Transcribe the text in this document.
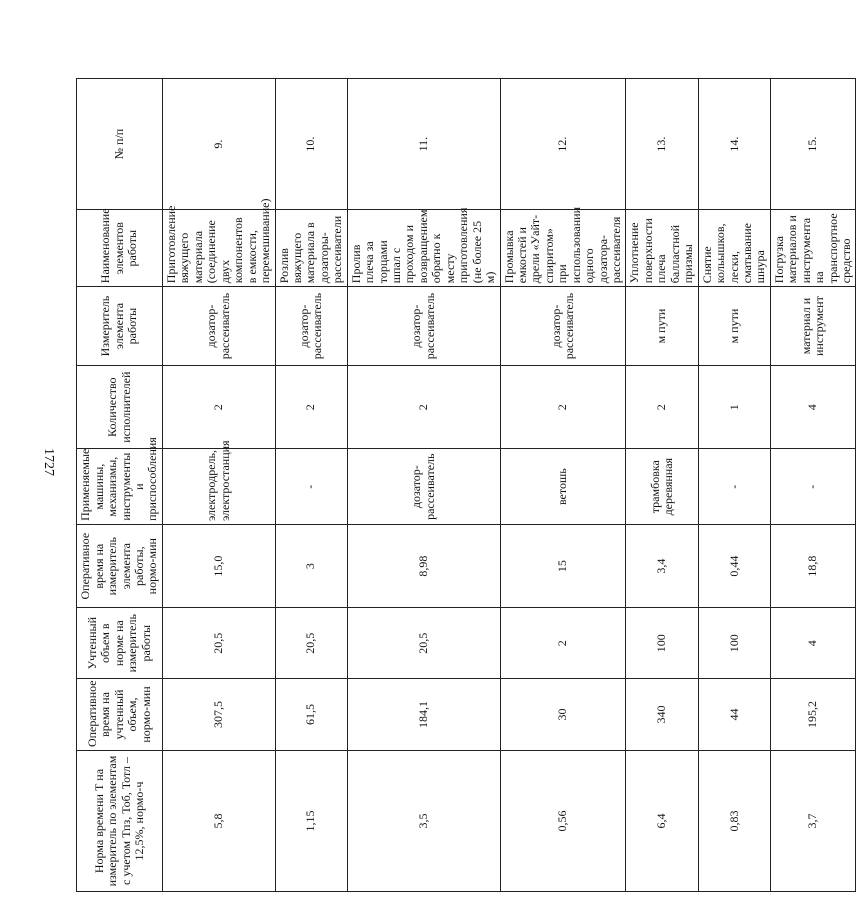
1727
Норма времени Т на измеритель по элементам с учетом Тпз, Тоб, Тотл – 12,5%, нормо-ч	Оперативное время на учтенный объем, нормо-мин	Учтенный объем в норме на измеритель работы	Оперативное время на измеритель элемента работы, нормо-мин	Применяемые машины, механизмы, инструменты и приспособления	Количество исполнителей	Измеритель элемента работы	Наименование элементов работы	№ п/п
5,8	307,5	20,5	15,0	электродрель, электростанция	2	дозатор-рассеиватель	Приготовление вяжущего материала (соединение двух компонентов в емкости, перемешивание)	9.
1,15	61,5	20,5	3	-	2	дозатор-рассеиватель	Розлив вяжущего материала в дозаторы-рассеиватели	10.
3,5	184,1	20,5	8,98	дозатор-рассеиватель	2	дозатор-рассеиватель	Пролив плеча за торцами шпал с проходом и возвращением обратно к месту приготовления (не более 25 м)	11.
0,56	30	2	15	ветошь	2	дозатор-рассеиватель	Промывка емкостей и дрели «Уайт-спиритом» при использовании одного дозатора-рассеивателя	12.
6,4	340	100	3,4	трамбовка деревянная	2	м пути	Уплотнение поверхности плеча балластной призмы	13.
0,83	44	100	0,44	-	1	м пути	Снятие кольышков, лески, сматывание шнура	14.
3,7	195,2	4	18,8	-	4	материал и инструмент	Погрузка материалов и инструмента на транспортное средство	15.
